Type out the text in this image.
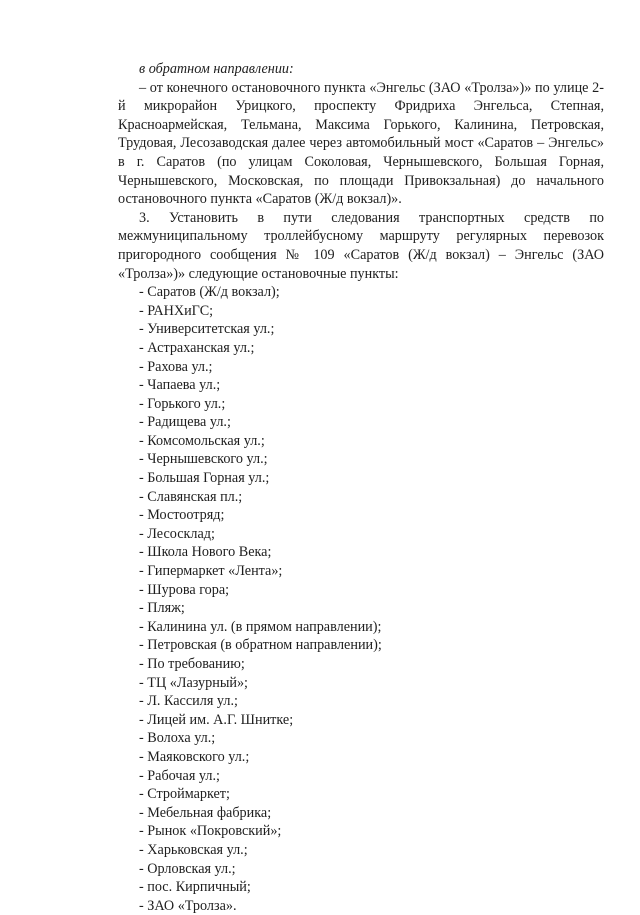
в обратном направлении:

– от конечного остановочного пункта «Энгельс (ЗАО «Тролза»)» по улице 2-й микрорайон Урицкого, проспекту Фридриха Энгельса, Степная, Красноармейская, Тельмана, Максима Горького, Калинина, Петровская, Трудовая, Лесозаводская далее через автомобильный мост «Саратов – Энгельс» в г. Саратов (по улицам Соколовая, Чернышевского, Большая Горная, Чернышевского, Московская, по площади Привокзальная) до начального остановочного пункта «Саратов (Ж/д вокзал)».

3. Установить в пути следования транспортных средств по межмуниципальному троллейбусному маршруту регулярных перевозок пригородного сообщения № 109 «Саратов (Ж/д вокзал) – Энгельс (ЗАО «Тролза»)» следующие остановочные пункты:

- Саратов (Ж/д вокзал);
- РАНХиГС;
- Университетская ул.;
- Астраханская ул.;
- Рахова ул.;
- Чапаева ул.;
- Горького ул.;
- Радищева ул.;
- Комсомольская ул.;
- Чернышевского ул.;
- Большая Горная ул.;
- Славянская пл.;
- Мостоотряд;
- Лесосклад;
- Школа Нового Века;
- Гипермаркет «Лента»;
- Шурова гора;
- Пляж;
- Калинина ул. (в прямом направлении);
- Петровская (в обратном направлении);
- По требованию;
- ТЦ «Лазурный»;
- Л. Кассиля ул.;
- Лицей им. А.Г. Шнитке;
- Волоха ул.;
- Маяковского ул.;
- Рабочая ул.;
- Строймаркет;
- Мебельная фабрика;
- Рынок «Покровский»;
- Харьковская ул.;
- Орловская ул.;
- пос. Кирпичный;
- ЗАО «Тролза».
